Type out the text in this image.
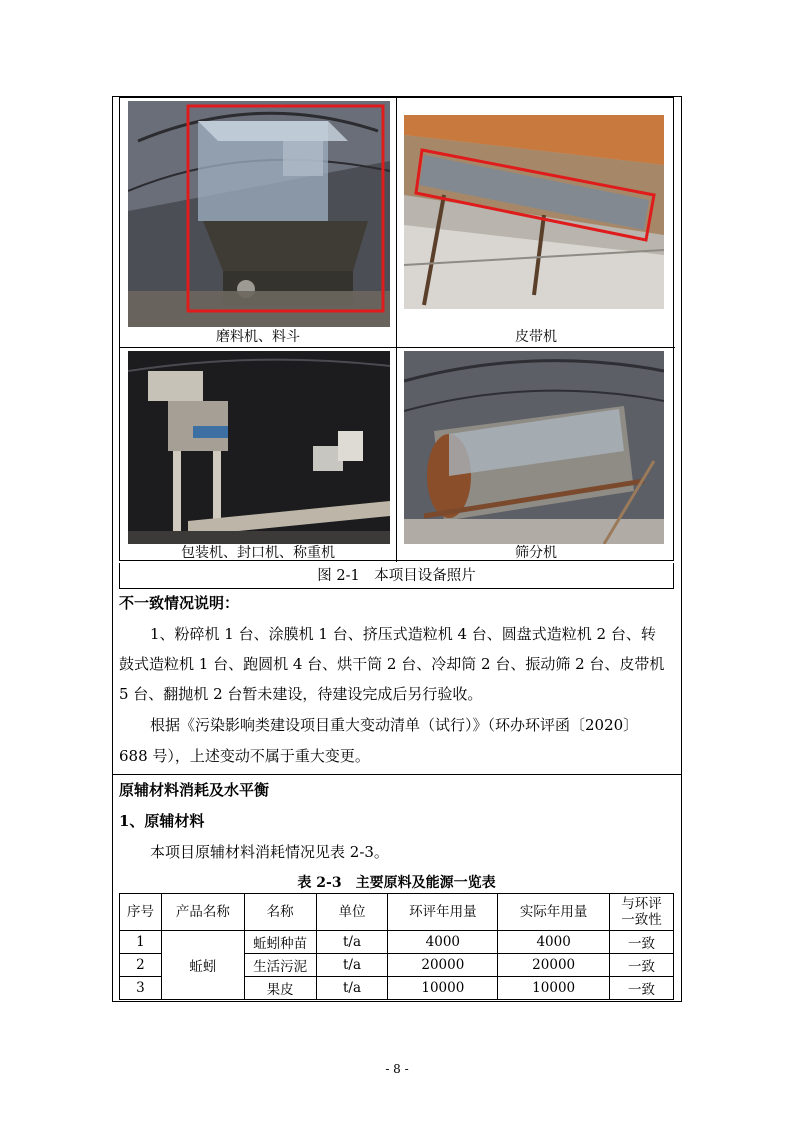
磨料机、料斗	皮带机
包装机、封口机、称重机	筛分机
图 2-1　本项目设备照片
不一致情况说明：
1、粉碎机 1 台、涂膜机 1 台、挤压式造粒机 4 台、圆盘式造粒机 2 台、转
鼓式造粒机 1 台、跑圆机 4 台、烘干筒 2 台、冷却筒 2 台、振动筛 2 台、皮带机
5 台、翻抛机 2 台暂未建设，待建设完成后另行验收。
根据《污染影响类建设项目重大变动清单（试行）》（环办环评函〔2020〕
688 号），上述变动不属于重大变更。
原辅材料消耗及水平衡
1、原辅材料
本项目原辅材料消耗情况见表 2-3。
表 2-3　主要原料及能源一览表
序号	产品名称	名称	单位	环评年用量	实际年用量	与环评一致性
1	蚯蚓	蚯蚓种苗	t/a	4000	4000	一致
2		生活污泥	t/a	20000	20000	一致
3		果皮	t/a	10000	10000	一致
- 8 -
